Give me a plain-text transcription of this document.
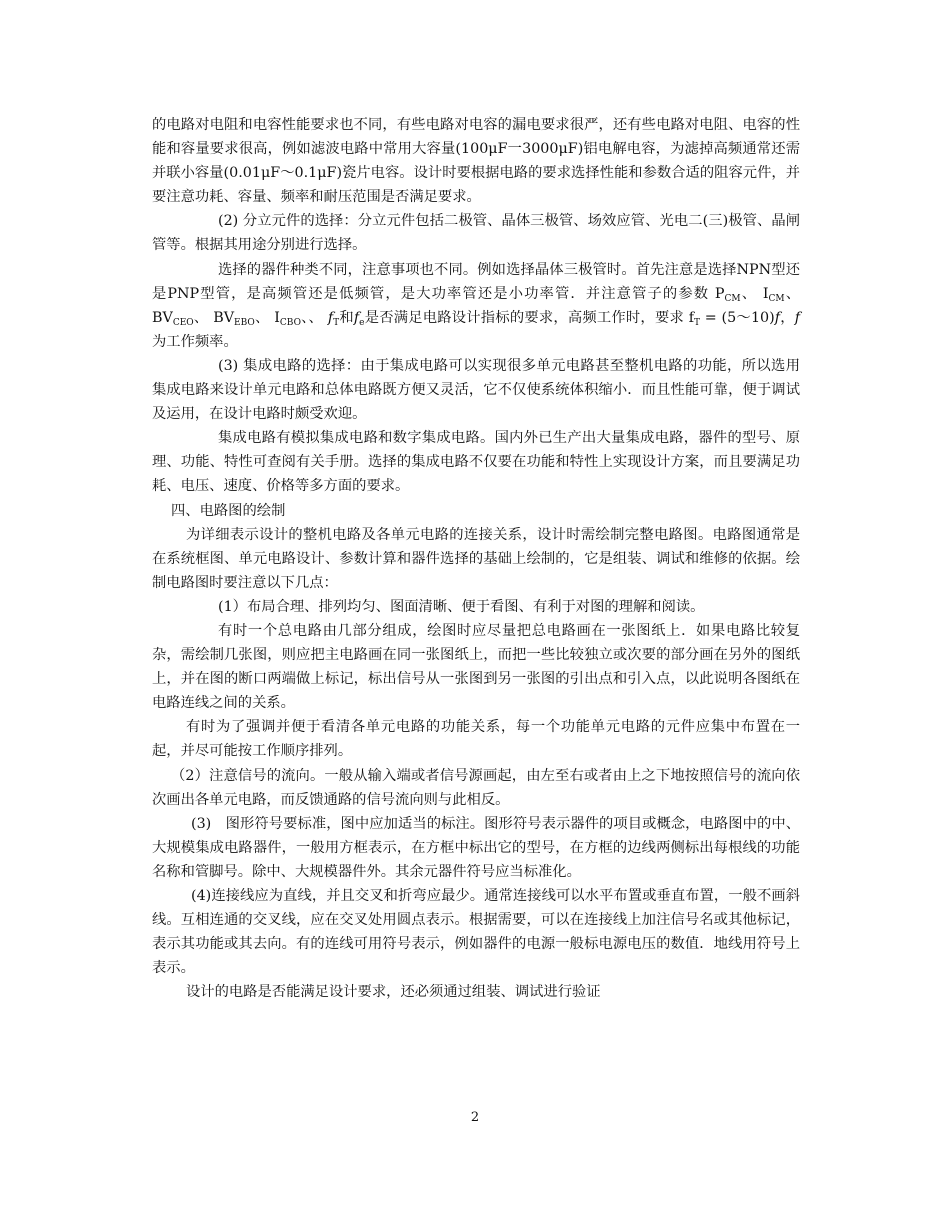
的电路对电阻和电容性能要求也不同，有些电路对电容的漏电要求很严，还有些电路对电阻、电容的性能和容量要求很高，例如滤波电路中常用大容量(100μF一3000μF)铝电解电容，为滤掉高频通常还需并联小容量(0.01μF～0.1μF)瓷片电容。设计时要根据电路的要求选择性能和参数合适的阻容元件，并要注意功耗、容量、频率和耐压范围是否满足要求。

(2) 分立元件的选择：分立元件包括二极管、晶体三极管、场效应管、光电二(三)极管、晶闸管等。根据其用途分别进行选择。

选择的器件种类不同，注意事项也不同。例如选择晶体三极管时。首先注意是选择NPN型还是PNP型管，是高频管还是低频管，是大功率管还是小功率管．并注意管子的参数 $P_{CM}$、 $I_{CM}$、 $BV_{CEO}$、 $BV_{EBO}$、 $I_{CBO}$、、 $f_T$和$f_e$是否满足电路设计指标的要求，高频工作时，要求 $f_T$ = (5～10)f，f 为工作频率。

(3) 集成电路的选择：由于集成电路可以实现很多单元电路甚至整机电路的功能，所以选用集成电路来设计单元电路和总体电路既方便又灵活，它不仅使系统体积缩小．而且性能可靠，便于调试及运用，在设计电路时颇受欢迎。

集成电路有模拟集成电路和数字集成电路。国内外已生产出大量集成电路，器件的型号、原理、功能、特性可查阅有关手册。选择的集成电路不仅要在功能和特性上实现设计方案，而且要满足功耗、电压、速度、价格等多方面的要求。

四、电路图的绘制

为详细表示设计的整机电路及各单元电路的连接关系，设计时需绘制完整电路图。电路图通常是在系统框图、单元电路设计、参数计算和器件选择的基础上绘制的，它是组装、调试和维修的依据。绘制电路图时要注意以下几点：

(1）布局合理、排列均匀、图面清晰、便于看图、有利于对图的理解和阅读。

有时一个总电路由几部分组成，绘图时应尽量把总电路画在一张图纸上．如果电路比较复杂，需绘制几张图，则应把主电路画在同一张图纸上，而把一些比较独立或次要的部分画在另外的图纸上，并在图的断口两端做上标记，标出信号从一张图到另一张图的引出点和引入点，以此说明各图纸在电路连线之间的关系。

有时为了强调并便于看清各单元电路的功能关系，每一个功能单元电路的元件应集中布置在一起，并尽可能按工作顺序排列。

（2）注意信号的流向。一般从输入端或者信号源画起，由左至右或者由上之下地按照信号的流向依次画出各单元电路，而反馈通路的信号流向则与此相反。

(3)　图形符号要标准，图中应加适当的标注。图形符号表示器件的项目或概念，电路图中的中、大规模集成电路器件，一般用方框表示，在方框中标出它的型号，在方框的边线两侧标出每根线的功能名称和管脚号。除中、大规模器件外。其余元器件符号应当标准化。

(4)连接线应为直线，并且交叉和折弯应最少。通常连接线可以水平布置或垂直布置，一般不画斜线。互相连通的交叉线，应在交叉处用圆点表示。根据需要，可以在连接线上加注信号名或其他标记，表示其功能或其去向。有的连线可用符号表示，例如器件的电源一般标电源电压的数值．地线用符号上表示。

设计的电路是否能满足设计要求，还必须通过组装、调试进行验证

2
